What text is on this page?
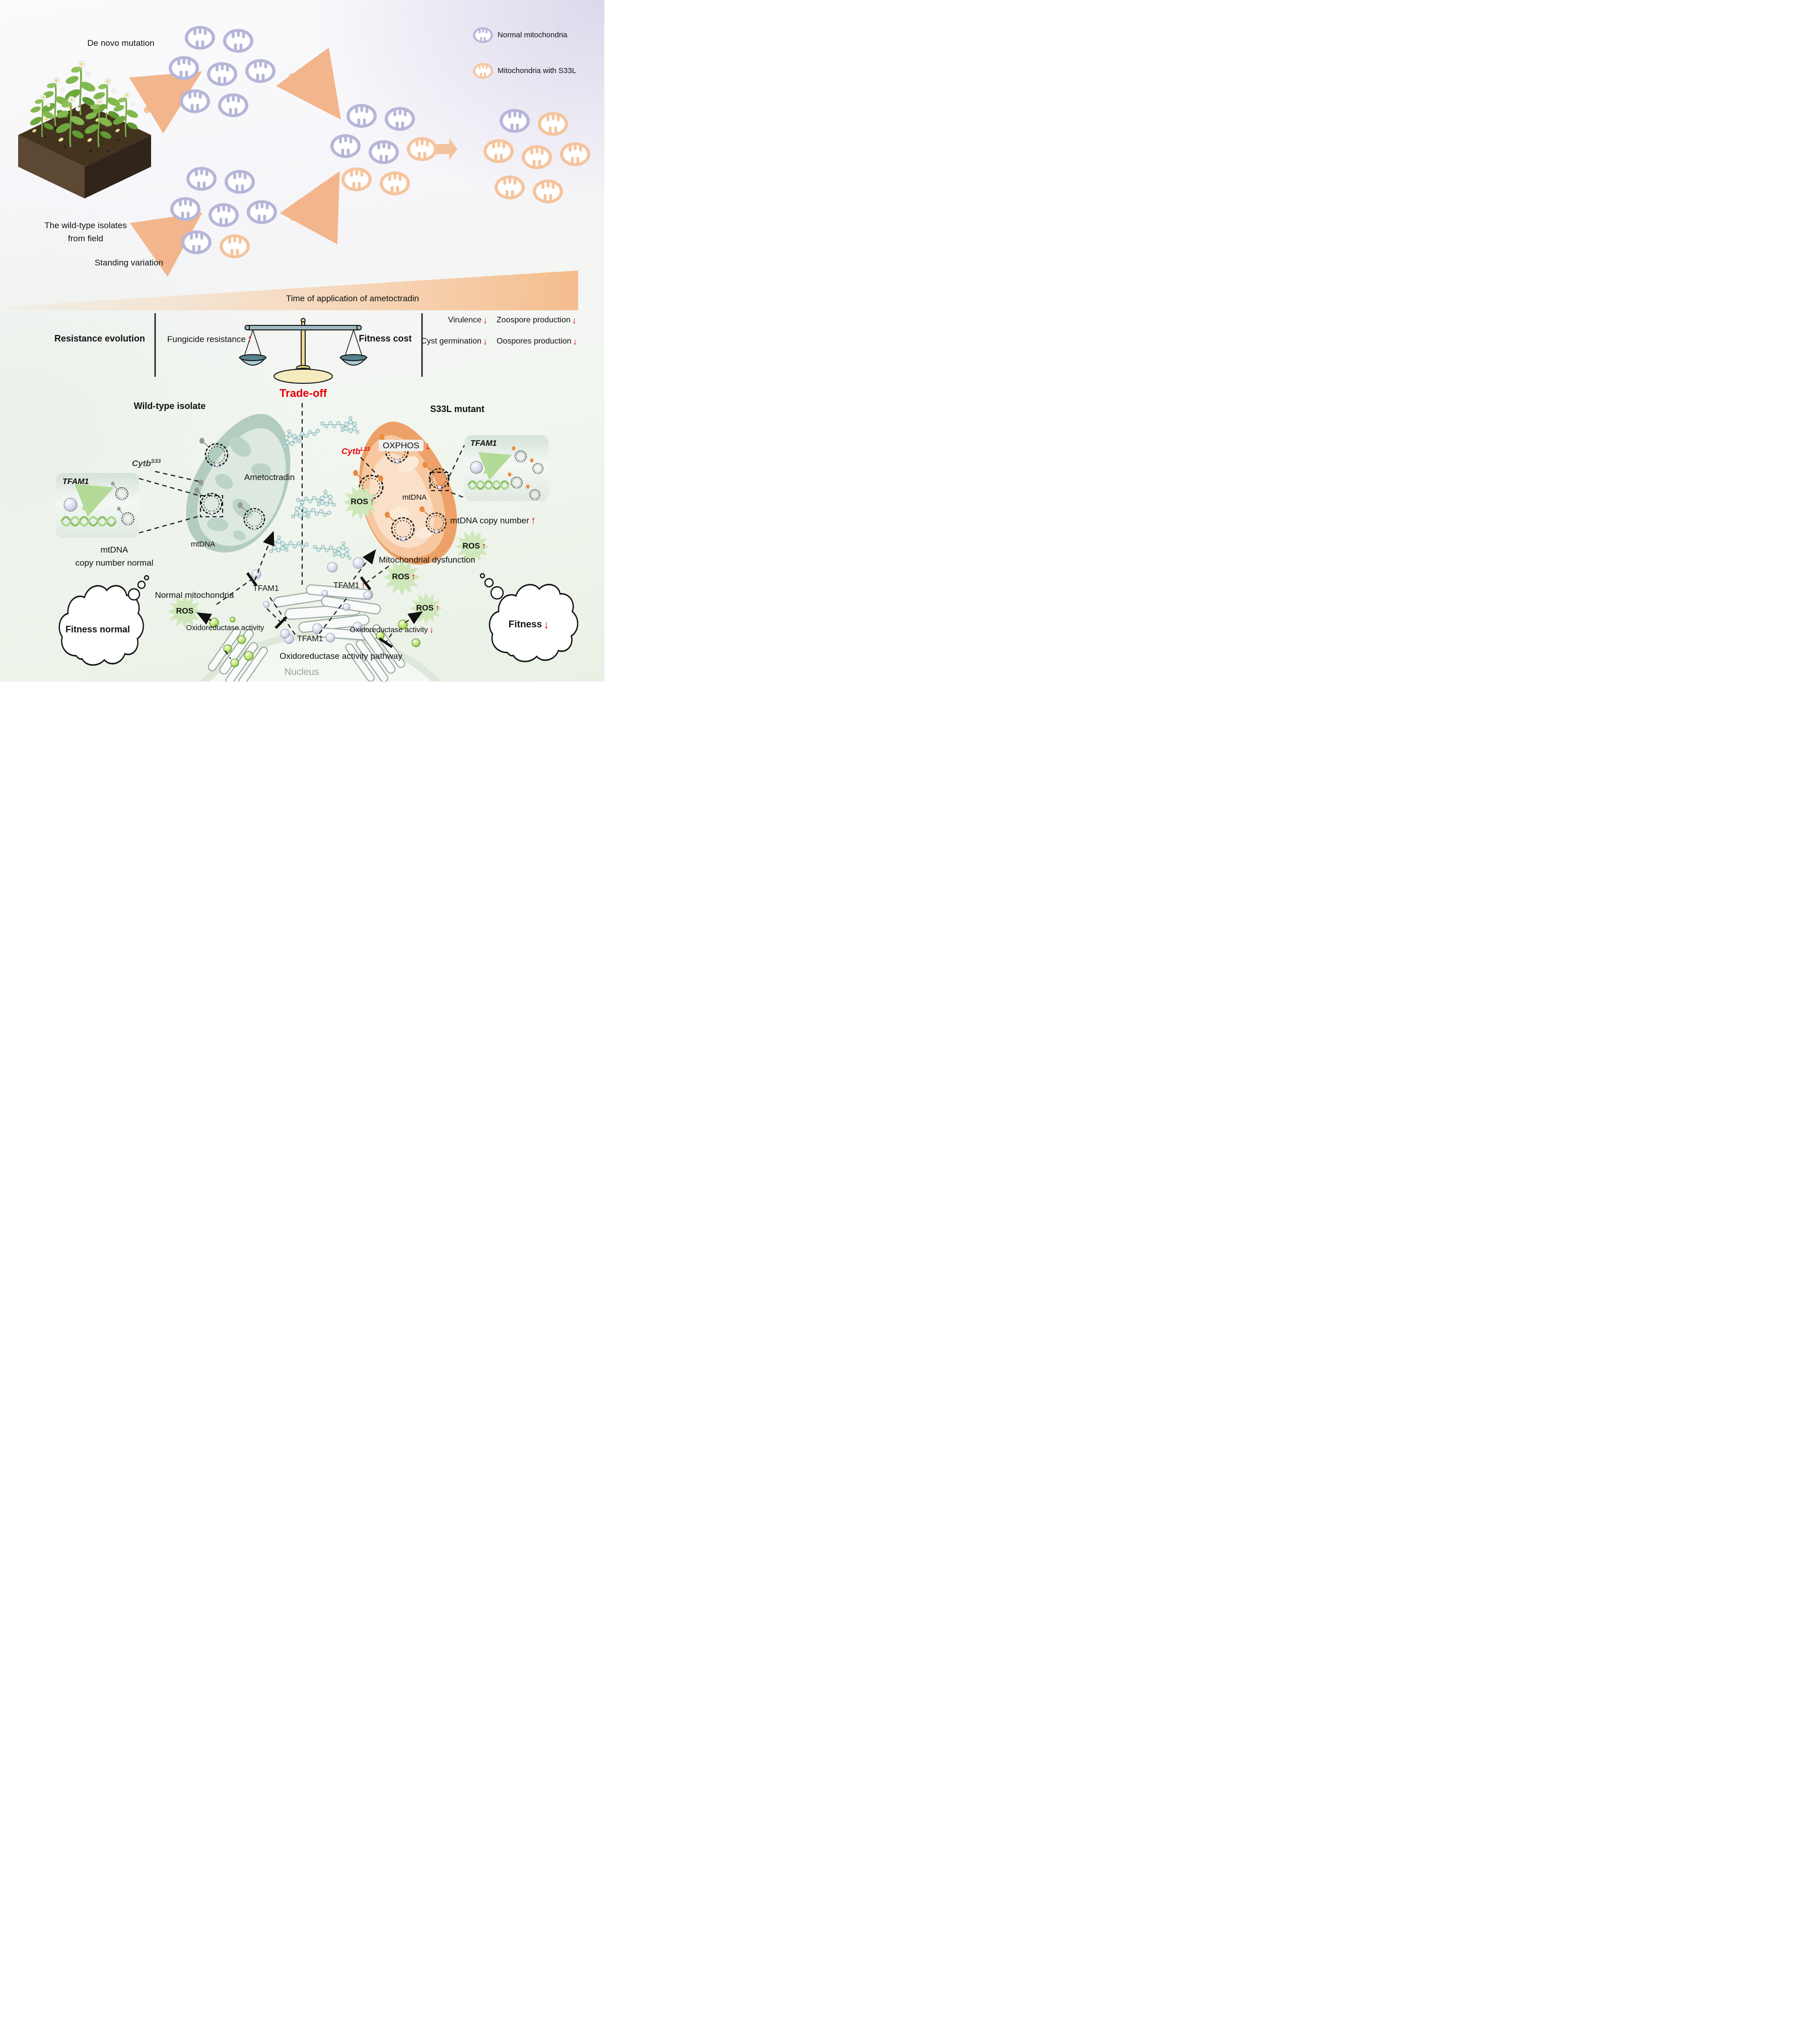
Normal mitochondria
Mitochondria with S33L
De novo mutation
The wild-type isolates
from field
Standing variation
Time of application of ametoctradin
Resistance evolution	Fungicide resistance ↑	Fitness cost
Virulence ↓ Zoospore production ↓
Cyst germination ↓ Oospores production ↓
Trade-off
Wild-type isolate
Cytb$^{S33}$
TFAM1
mtDNA
copy number normal
mtDNA
Ametoctradin
Normal mitochondria
ROS
TFAM1
Fitness normal	Oxidoreductase activity
S33L mutant
Cytb$^{L33}$	OXPHOS ↓	TFAM1
mtDNA copy number ↑
mtDNA
ROS ↑
ROS ↑
ROS ↑
ROS ↑
Mitochondrial dysfunction
TFAM1 ↑
Fitness ↓
Oxidoreductase activity ↓
TFAM1
Oxidoreductase activity pathway
Nucleus
